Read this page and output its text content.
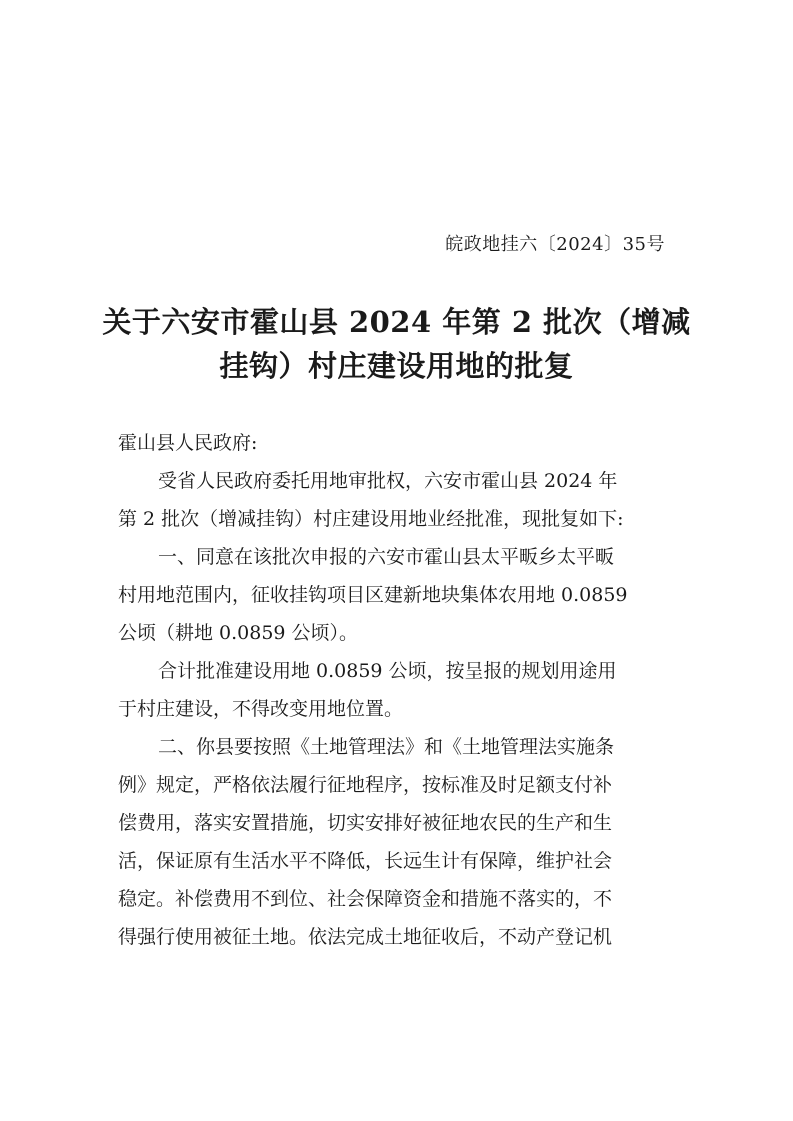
皖政地挂六〔2024〕35号
关于六安市霍山县 2024 年第 2 批次（增减
挂钩）村庄建设用地的批复
霍山县人民政府:
受省人民政府委托用地审批权，六安市霍山县 2024 年
第 2 批次（增减挂钩）村庄建设用地业经批准，现批复如下:
一、同意在该批次申报的六安市霍山县太平畈乡太平畈
村用地范围内，征收挂钩项目区建新地块集体农用地 0.0859
公顷（耕地 0.0859 公顷）。
合计批准建设用地 0.0859 公顷，按呈报的规划用途用
于村庄建设，不得改变用地位置。
二、你县要按照《土地管理法》和《土地管理法实施条
例》规定，严格依法履行征地程序，按标准及时足额支付补
偿费用，落实安置措施，切实安排好被征地农民的生产和生
活，保证原有生活水平不降低，长远生计有保障，维护社会
稳定。补偿费用不到位、社会保障资金和措施不落实的，不
得强行使用被征土地。依法完成土地征收后，不动产登记机
